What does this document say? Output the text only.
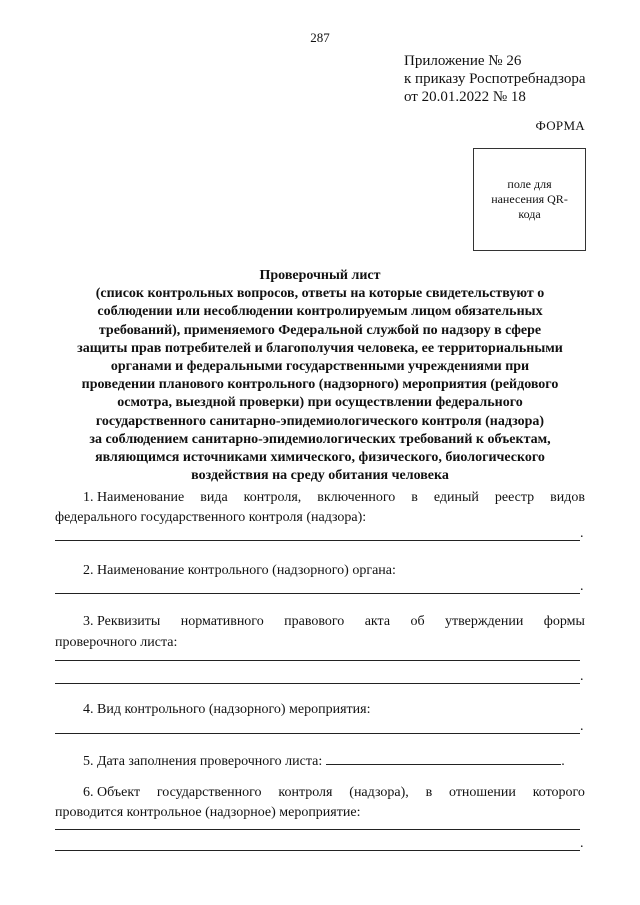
287
Приложение № 26
к приказу Роспотребнадзора
от 20.01.2022 № 18
ФОРМА
поле для нанесения QR-кода
Проверочный лист
(список контрольных вопросов, ответы на которые свидетельствуют о
соблюдении или несоблюдении контролируемым лицом обязательных
требований), применяемого Федеральной службой по надзору в сфере
защиты прав потребителей и благополучия человека, ее территориальными
органами и федеральными государственными учреждениями при
проведении планового контрольного (надзорного) мероприятия (рейдового
осмотра, выездной проверки) при осуществлении федерального
государственного санитарно-эпидемиологического контроля (надзора)
за соблюдением санитарно-эпидемиологических требований к объектам,
являющимся источниками химического, физического, биологического
воздействия на среду обитания человека
1. Наименование вида контроля, включенного в единый реестр видов
федерального государственного контроля (надзора):
.
2. Наименование контрольного (надзорного) органа:
.
3. Реквизиты нормативного правового акта об утверждении формы
проверочного листа:
.
4. Вид контрольного (надзорного) мероприятия:
.
5. Дата заполнения проверочного листа:	.
6. Объект государственного контроля (надзора), в отношении которого
проводится контрольное (надзорное) мероприятие:
.
